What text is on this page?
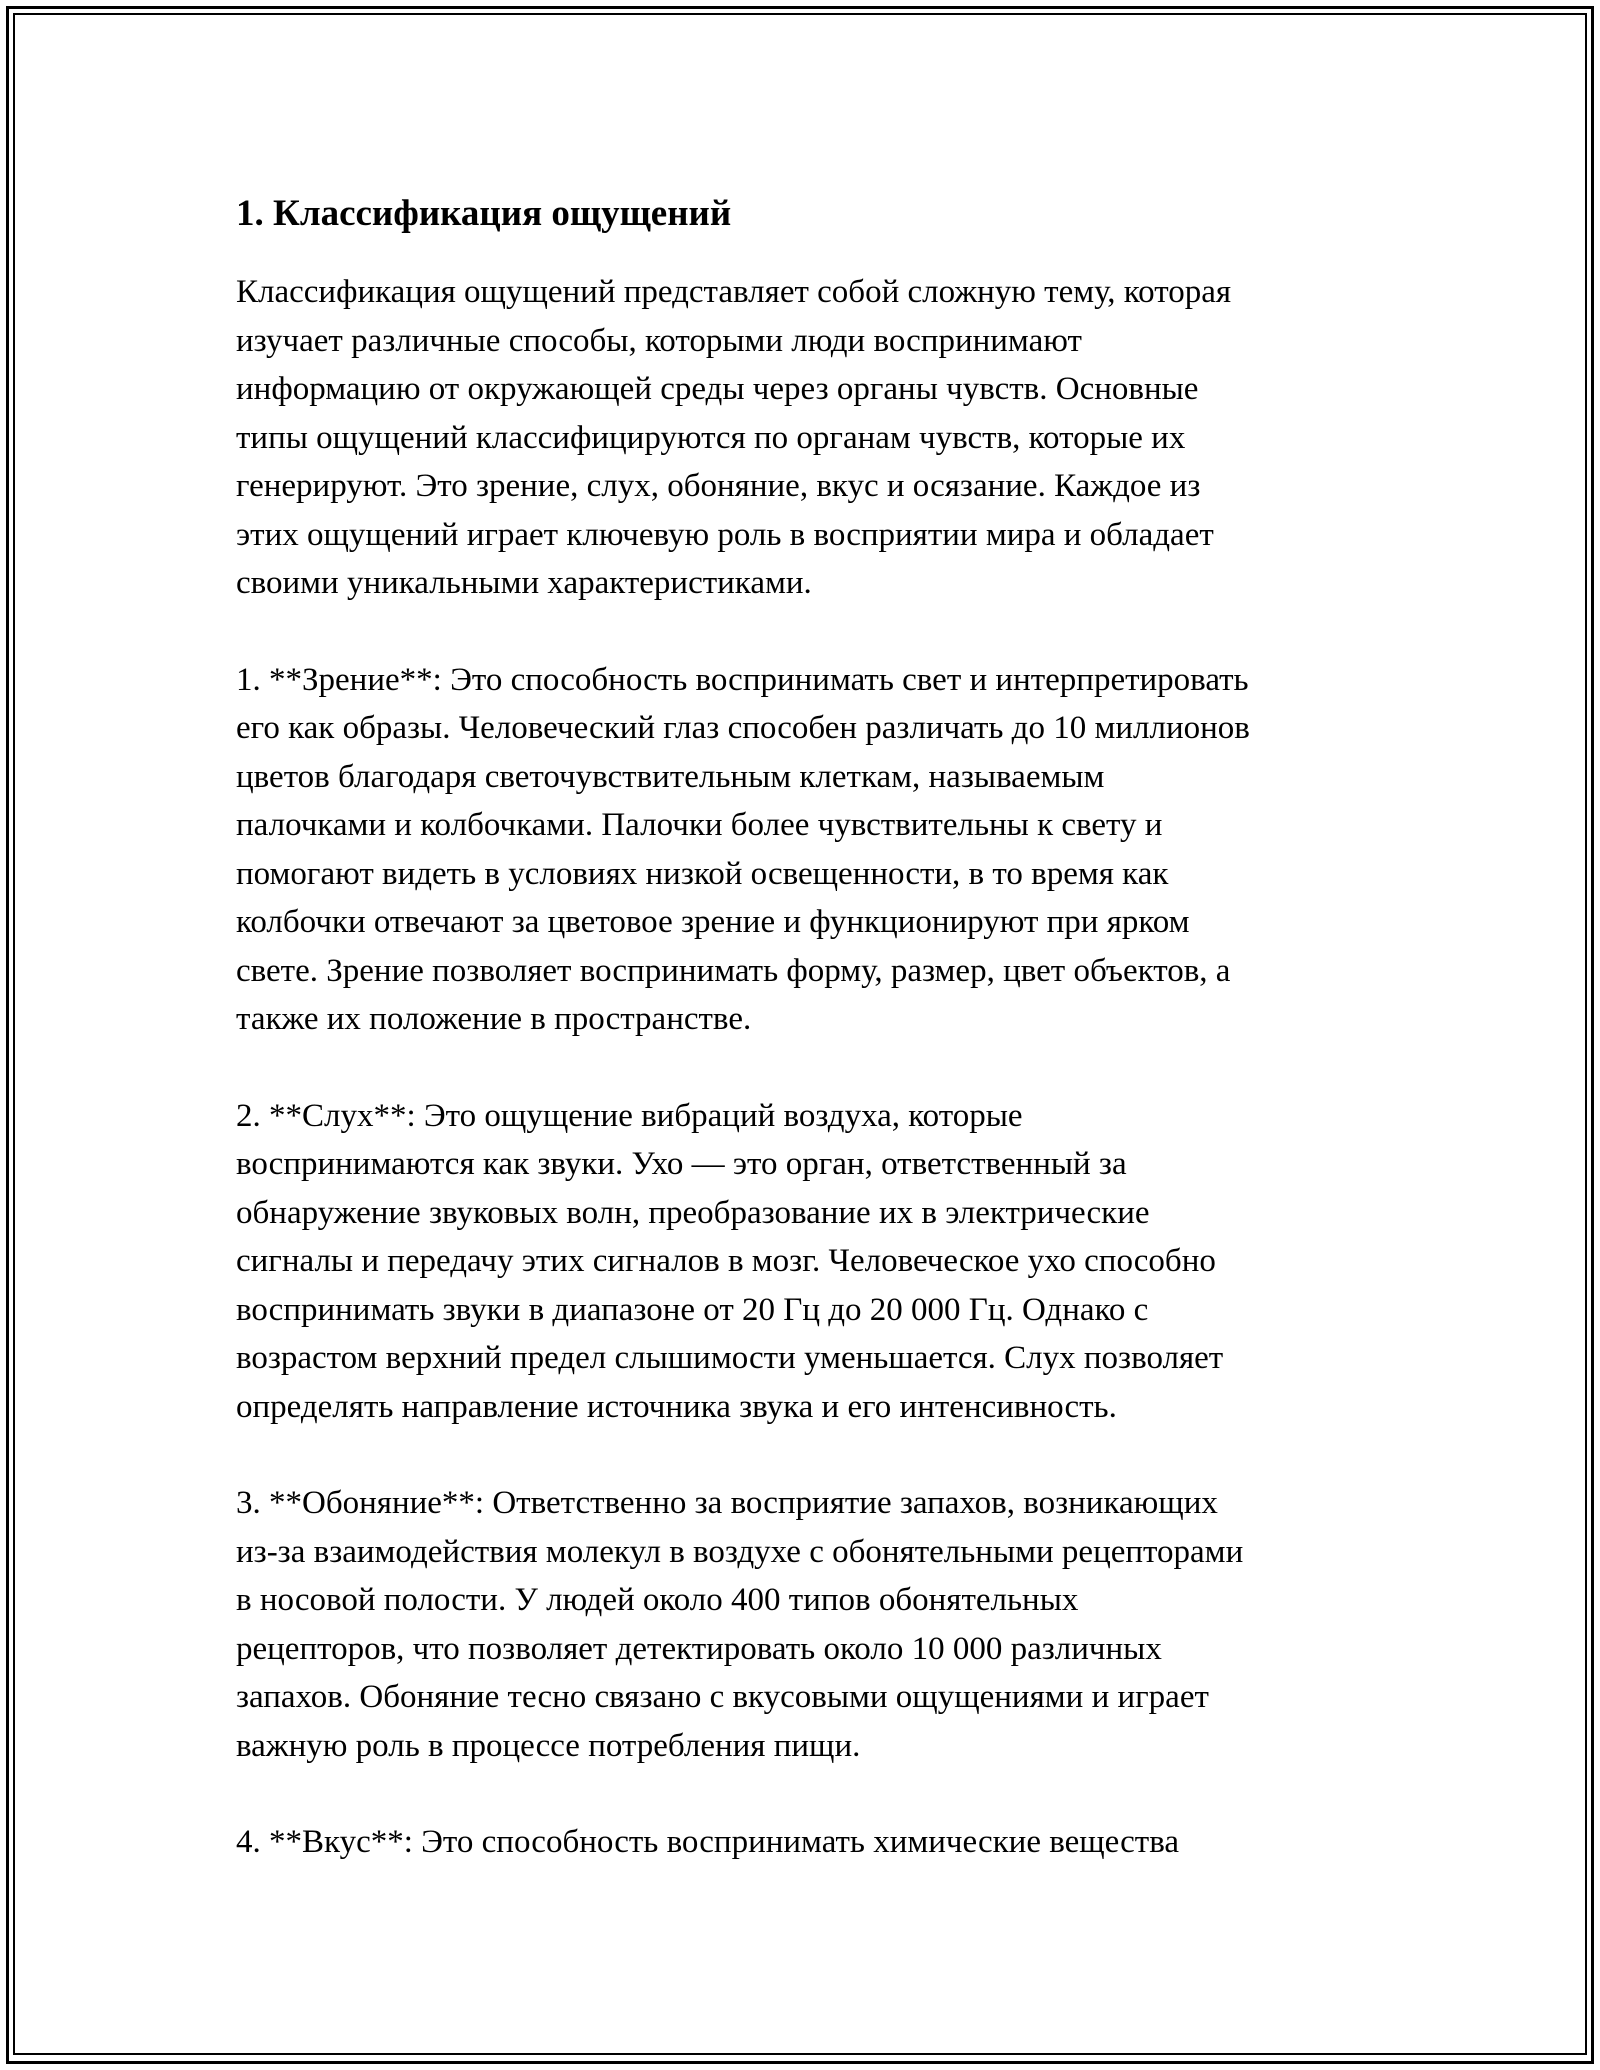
1. Классификация ощущений

Классификация ощущений представляет собой сложную тему, которая
изучает различные способы, которыми люди воспринимают
информацию от окружающей среды через органы чувств. Основные
типы ощущений классифицируются по органам чувств, которые их
генерируют. Это зрение, слух, обоняние, вкус и осязание. Каждое из
этих ощущений играет ключевую роль в восприятии мира и обладает
своими уникальными характеристиками.

1. **Зрение**: Это способность воспринимать свет и интерпретировать
его как образы. Человеческий глаз способен различать до 10 миллионов
цветов благодаря светочувствительным клеткам, называемым
палочками и колбочками. Палочки более чувствительны к свету и
помогают видеть в условиях низкой освещенности, в то время как
колбочки отвечают за цветовое зрение и функционируют при ярком
свете. Зрение позволяет воспринимать форму, размер, цвет объектов, а
также их положение в пространстве.

2. **Слух**: Это ощущение вибраций воздуха, которые
воспринимаются как звуки. Ухо — это орган, ответственный за
обнаружение звуковых волн, преобразование их в электрические
сигналы и передачу этих сигналов в мозг. Человеческое ухо способно
воспринимать звуки в диапазоне от 20 Гц до 20 000 Гц. Однако с
возрастом верхний предел слышимости уменьшается. Слух позволяет
определять направление источника звука и его интенсивность.

3. **Обоняние**: Ответственно за восприятие запахов, возникающих
из-за взаимодействия молекул в воздухе с обонятельными рецепторами
в носовой полости. У людей около 400 типов обонятельных
рецепторов, что позволяет детектировать около 10 000 различных
запахов. Обоняние тесно связано с вкусовыми ощущениями и играет
важную роль в процессе потребления пищи.

4. **Вкус**: Это способность воспринимать химические вещества
